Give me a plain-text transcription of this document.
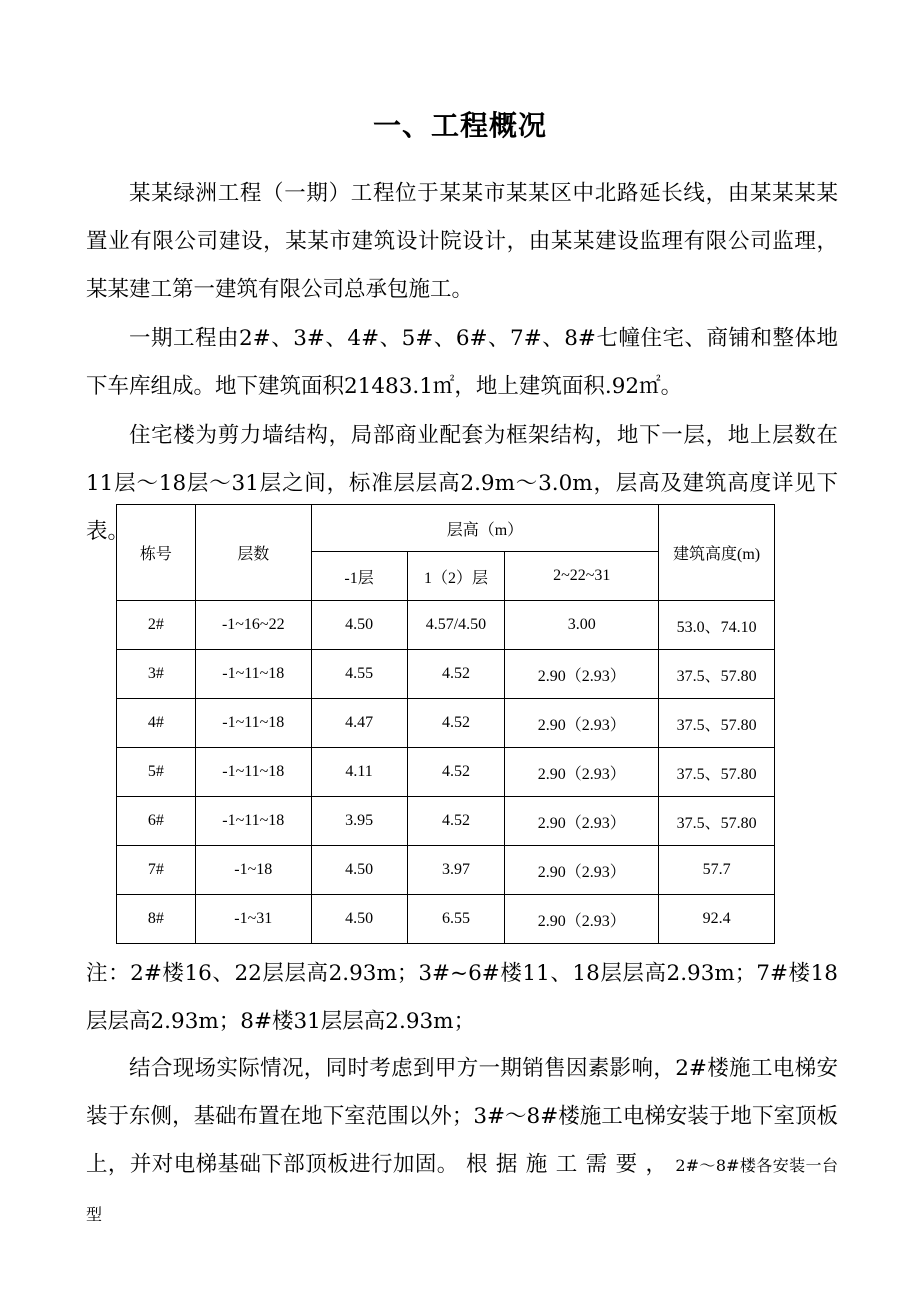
一、工程概况

某某绿洲工程（一期）工程位于某某市某某区中北路延长线，由某某某某置业有限公司建设，某某市建筑设计院设计，由某某建设监理有限公司监理，某某建工第一建筑有限公司总承包施工。

一期工程由2#、3#、4#、5#、6#、7#、8#七幢住宅、商铺和整体地下车库组成。地下建筑面积21483.1㎡，地上建筑面积.92㎡。

住宅楼为剪力墙结构，局部商业配套为框架结构，地下一层，地上层数在11层～18层～31层之间，标准层层高2.9m～3.0m，层高及建筑高度详见下表。

栋号	层数	层高（m）			建筑高度(m)
		-1层	1（2）层	2~22~31	
2#	-1~16~22	4.50	4.57/4.50	3.00	53.0、74.10
3#	-1~11~18	4.55	4.52	2.90（2.93）	37.5、57.80
4#	-1~11~18	4.47	4.52	2.90（2.93）	37.5、57.80
5#	-1~11~18	4.11	4.52	2.90（2.93）	37.5、57.80
6#	-1~11~18	3.95	4.52	2.90（2.93）	37.5、57.80
7#	-1~18	4.50	3.97	2.90（2.93）	57.7
8#	-1~31	4.50	6.55	2.90（2.93）	92.4

注：2#楼16、22层层高2.93m；3#~6#楼11、18层层高2.93m；7#楼18层层高2.93m；8#楼31层层高2.93m；

结合现场实际情况，同时考虑到甲方一期销售因素影响，2#楼施工电梯安装于东侧，基础布置在地下室范围以外；3#～8#楼施工电梯安装于地下室顶板上，并对电梯基础下部顶板进行加固。 根据施工需要，2#～8#楼各安装一台型
